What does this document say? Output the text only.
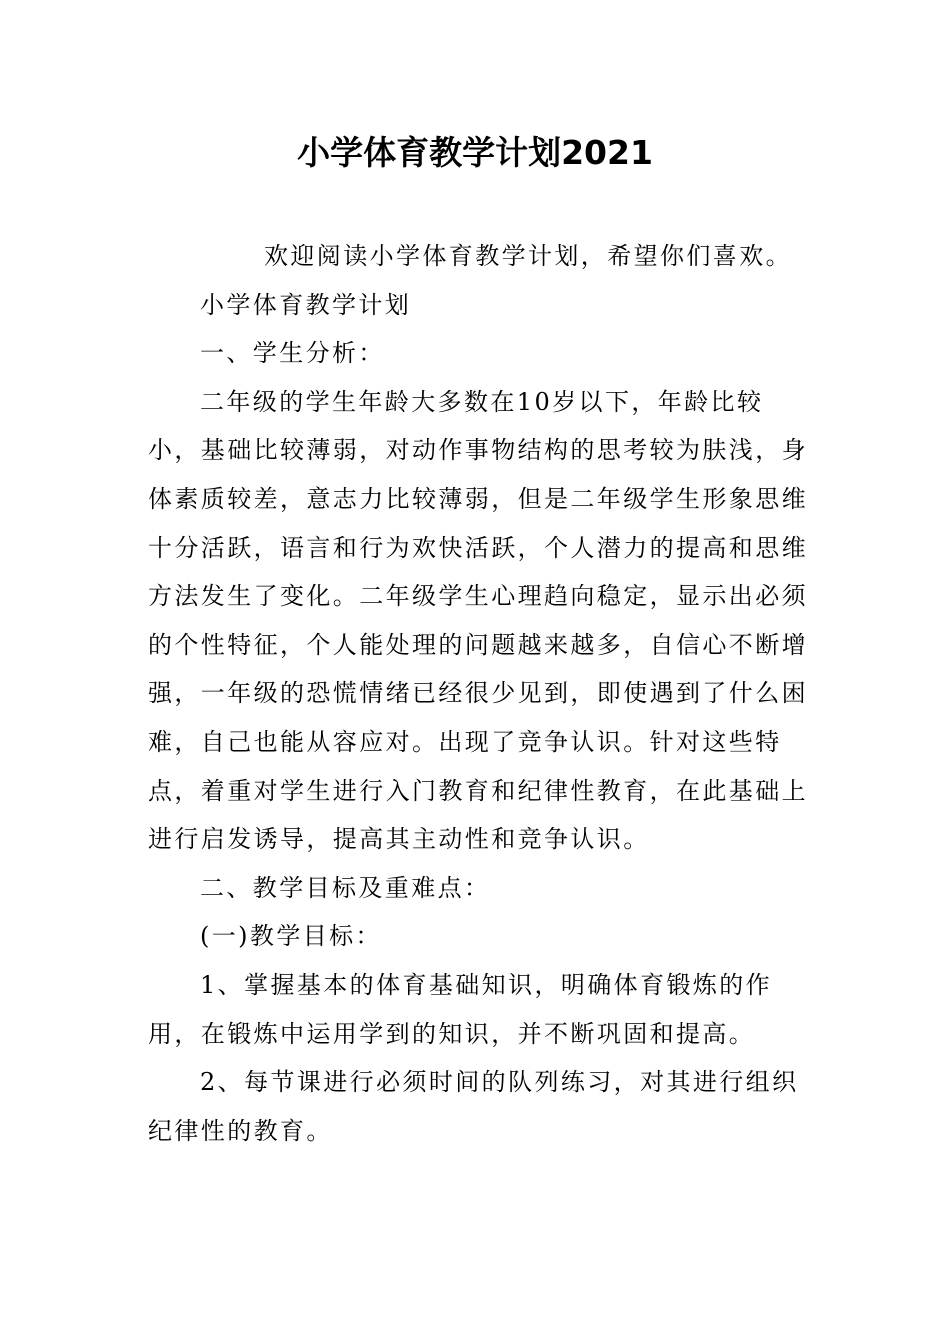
小学体育教学计划2021

欢迎阅读小学体育教学计划，希望你们喜欢。

小学体育教学计划

一、学生分析：

二年级的学生年龄大多数在10岁以下，年龄比较小，基础比较薄弱，对动作事物结构的思考较为肤浅，身体素质较差，意志力比较薄弱，但是二年级学生形象思维十分活跃，语言和行为欢快活跃，个人潜力的提高和思维方法发生了变化。二年级学生心理趋向稳定，显示出必须的个性特征，个人能处理的问题越来越多，自信心不断增强，一年级的恐慌情绪已经很少见到，即使遇到了什么困难，自己也能从容应对。出现了竞争认识。针对这些特点，着重对学生进行入门教育和纪律性教育，在此基础上进行启发诱导，提高其主动性和竞争认识。

二、教学目标及重难点：

(一)教学目标：

1、掌握基本的体育基础知识，明确体育锻炼的作用，在锻炼中运用学到的知识，并不断巩固和提高。

2、每节课进行必须时间的队列练习，对其进行组织纪律性的教育。
